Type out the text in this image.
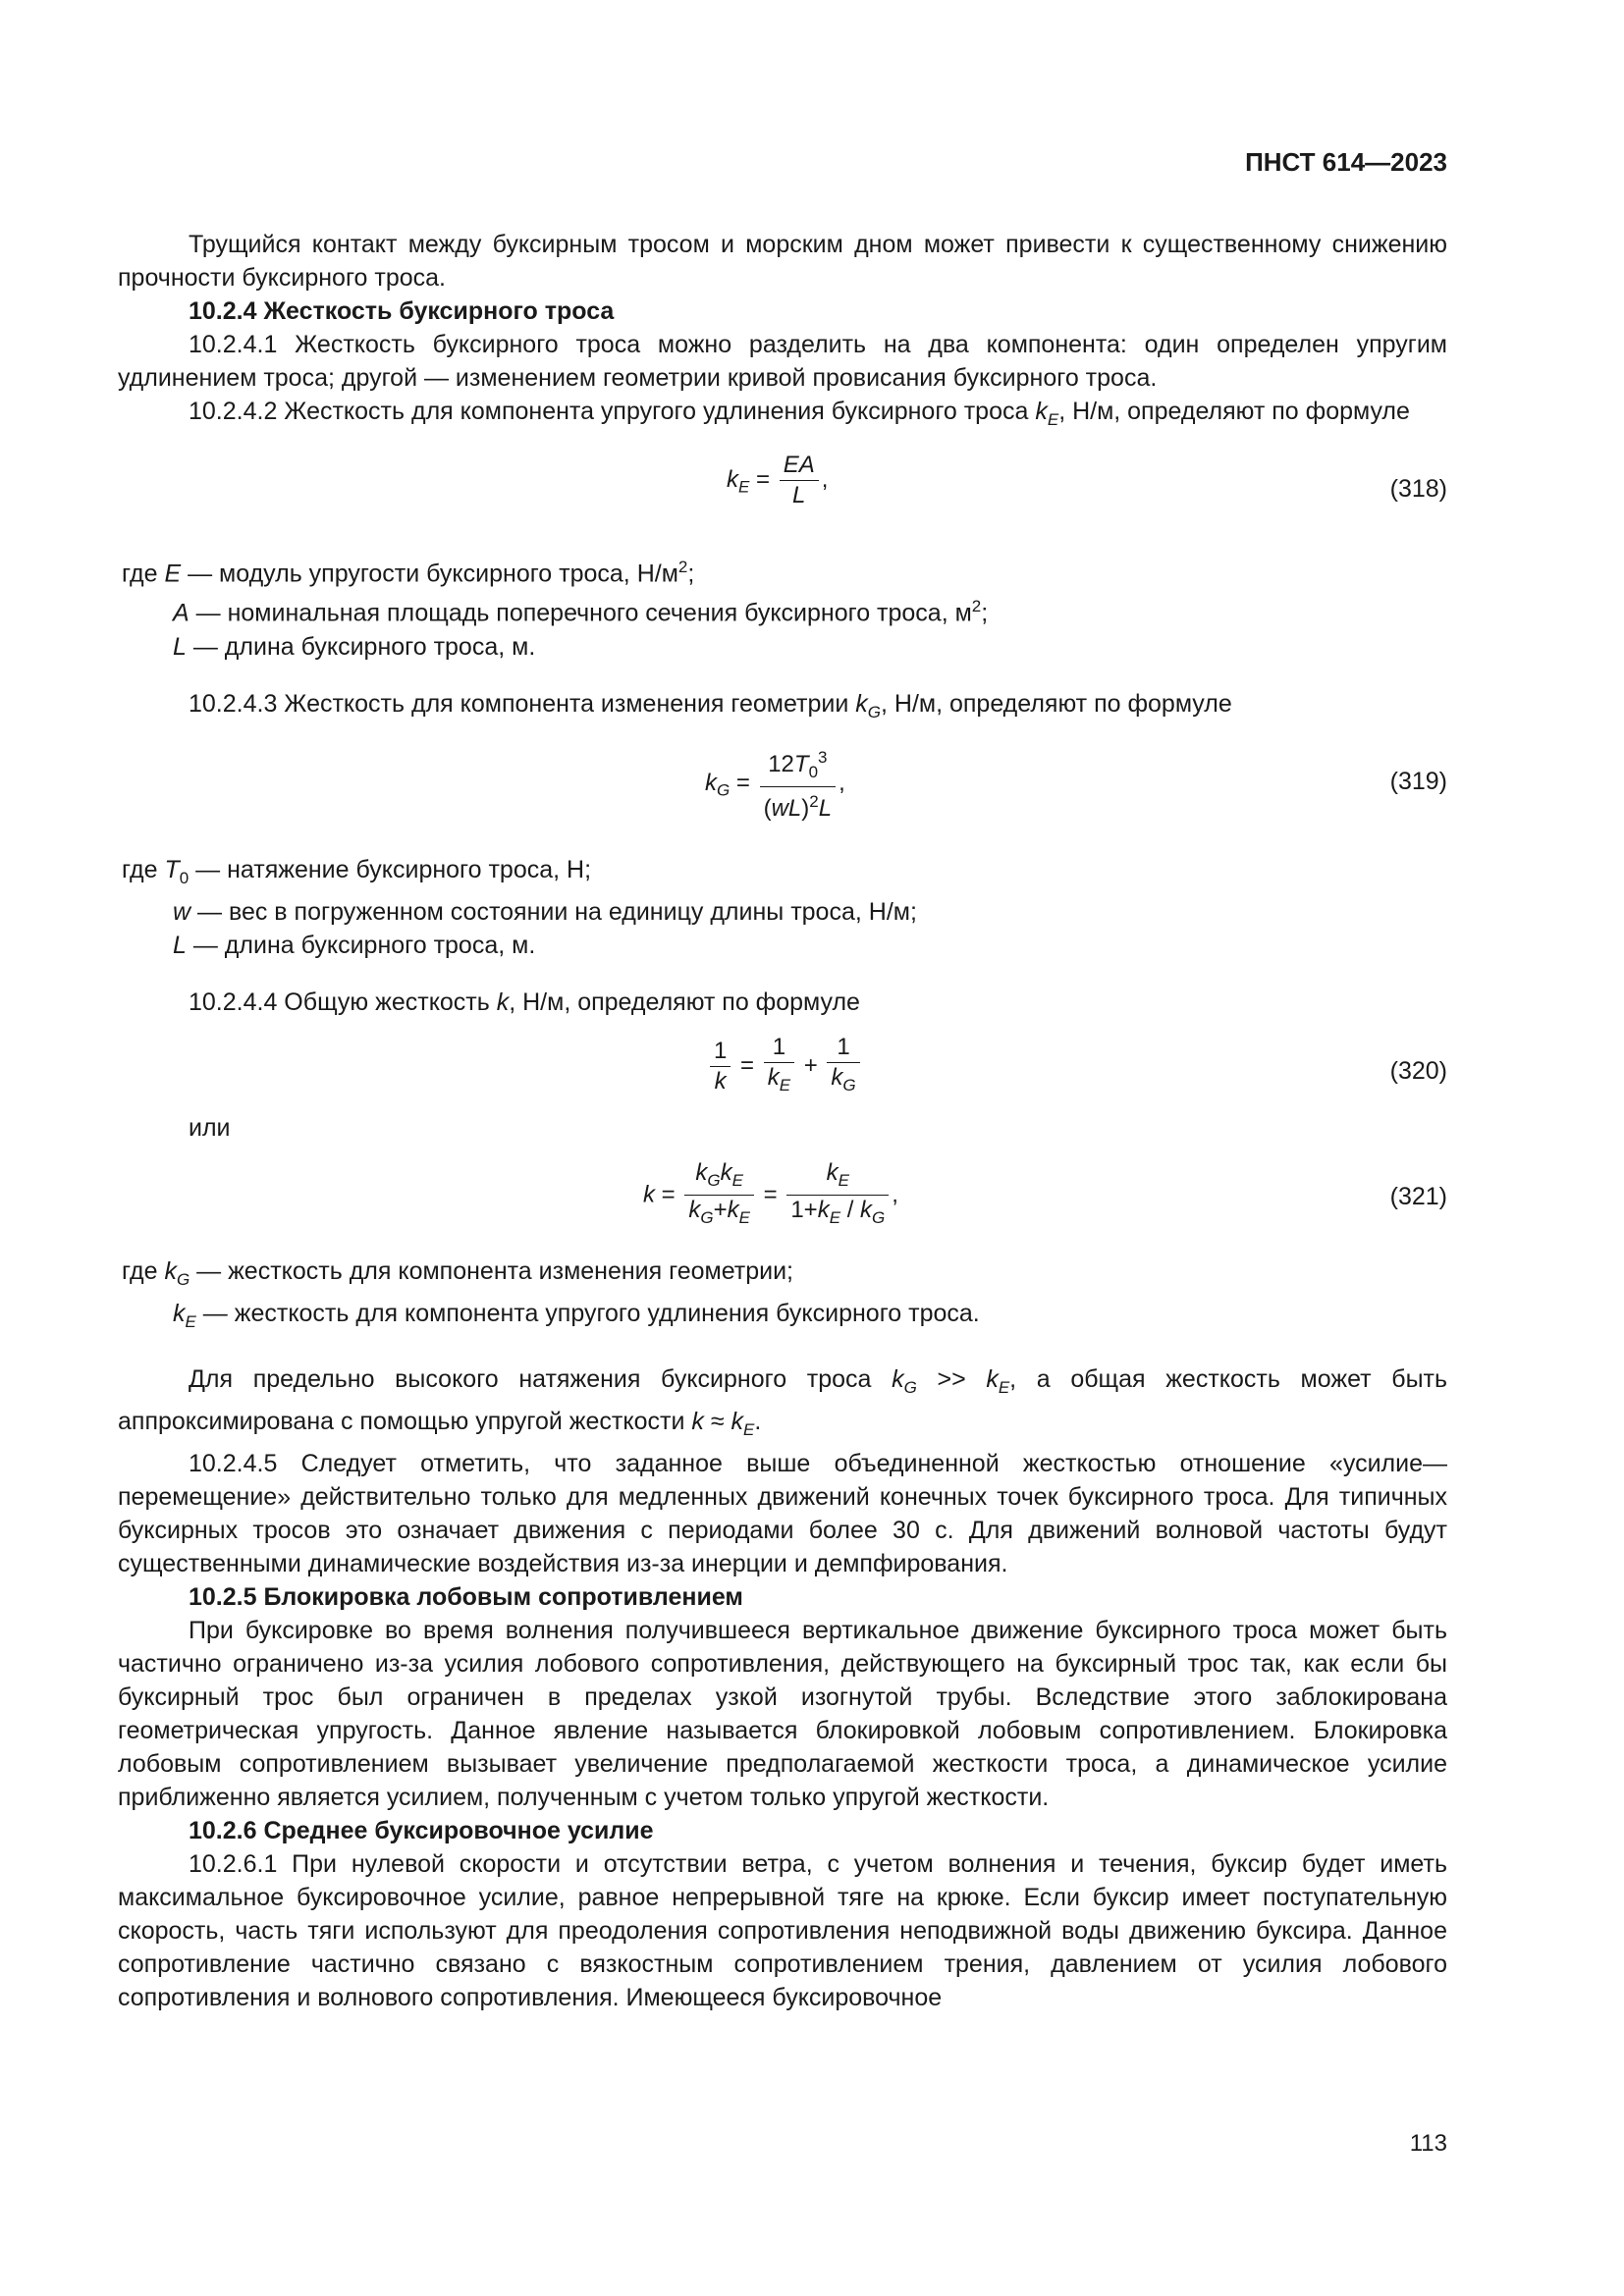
ПНСТ 614—2023

Трущийся контакт между буксирным тросом и морским дном может привести к существенному снижению прочности буксирного троса.

10.2.4 Жесткость буксирного троса

10.2.4.1 Жесткость буксирного троса можно разделить на два компонента: один определен упругим удлинением троса; другой — изменением геометрии кривой провисания буксирного троса.

10.2.4.2 Жесткость для компонента упругого удлинения буксирного троса $k_E$, Н/м, определяют по формуле

$k_E = \frac{EA}{L}$ ,	(318)

где E — модуль упругости буксирного троса, $Н/м^2$;

A — номинальная площадь поперечного сечения буксирного троса, $м^2$;

L — длина буксирного троса, м.

10.2.4.3 Жесткость для компонента изменения геометрии $k_G$, Н/м, определяют по формуле

$k_G = \frac{12T_0^3}{(wL)^2L}$ ,	(319)

где $T_0$ — натяжение буксирного троса, Н;

w — вес в погруженном состоянии на единицу длины троса, Н/м;

L — длина буксирного троса, м.

10.2.4.4 Общую жесткость k, Н/м, определяют по формуле

$\frac{1}{k} = \frac{1}{k_E} + \frac{1}{k_G}$	(320)

или

$k = \frac{k_Gk_E}{k_G+k_E} = \frac{k_E}{1+k_E / k_G}$ ,	(321)

где $k_G$ — жесткость для компонента изменения геометрии;

$k_E$ — жесткость для компонента упругого удлинения буксирного троса.

Для предельно высокого натяжения буксирного троса $k_G >> k_E$, а общая жесткость может быть аппроксимирована с помощью упругой жесткости $k \approx k_E$.

10.2.4.5 Следует отметить, что заданное выше объединенной жесткостью отношение «усилие—перемещение» действительно только для медленных движений конечных точек буксирного троса. Для типичных буксирных тросов это означает движения с периодами более 30 с. Для движений волновой частоты будут существенными динамические воздействия из-за инерции и демпфирования.

10.2.5 Блокировка лобовым сопротивлением

При буксировке во время волнения получившееся вертикальное движение буксирного троса может быть частично ограничено из-за усилия лобового сопротивления, действующего на буксирный трос так, как если бы буксирный трос был ограничен в пределах узкой изогнутой трубы. Вследствие этого заблокирована геометрическая упругость. Данное явление называется блокировкой лобовым сопротивлением. Блокировка лобовым сопротивлением вызывает увеличение предполагаемой жесткости троса, а динамическое усилие приближенно является усилием, полученным с учетом только упругой жесткости.

10.2.6 Среднее буксировочное усилие

10.2.6.1 При нулевой скорости и отсутствии ветра, с учетом волнения и течения, буксир будет иметь максимальное буксировочное усилие, равное непрерывной тяге на крюке. Если буксир имеет поступательную скорость, часть тяги используют для преодоления сопротивления неподвижной воды движению буксира. Данное сопротивление частично связано с вязкостным сопротивлением трения, давлением от усилия лобового сопротивления и волнового сопротивления. Имеющееся буксировочное

113
